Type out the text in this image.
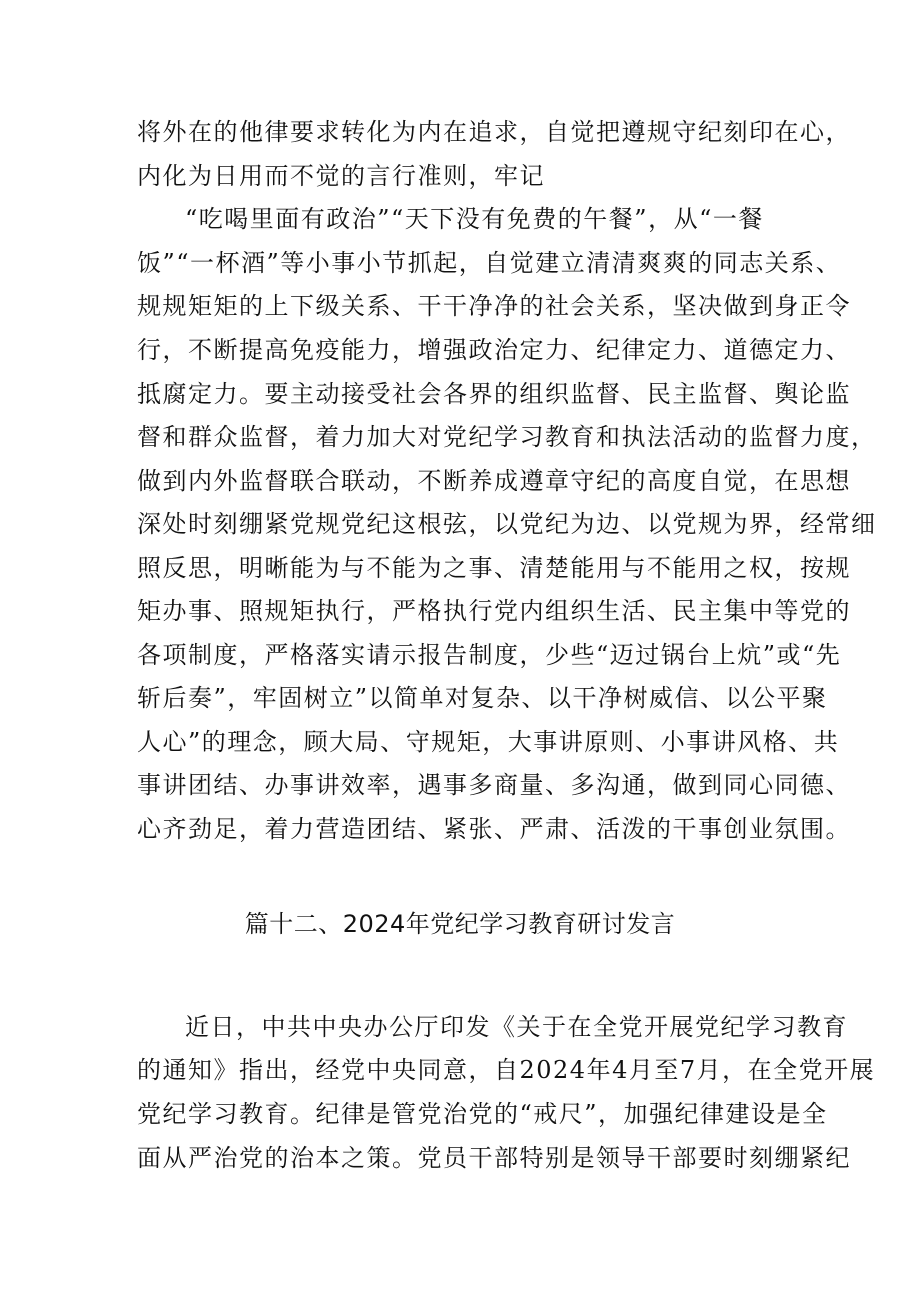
将外在的他律要求转化为内在追求，自觉把遵规守纪刻印在心，
内化为日用而不觉的言行准则，牢记
“吃喝里面有政治”“天下没有免费的午餐”，从“一餐
饭”“一杯酒”等小事小节抓起，自觉建立清清爽爽的同志关系、
规规矩矩的上下级关系、干干净净的社会关系，坚决做到身正令
行，不断提高免疫能力，增强政治定力、纪律定力、道德定力、
抵腐定力。要主动接受社会各界的组织监督、民主监督、舆论监
督和群众监督，着力加大对党纪学习教育和执法活动的监督力度，
做到内外监督联合联动，不断养成遵章守纪的高度自觉，在思想
深处时刻绷紧党规党纪这根弦，以党纪为边、以党规为界，经常细
照反思，明晰能为与不能为之事、清楚能用与不能用之权，按规
矩办事、照规矩执行，严格执行党内组织生活、民主集中等党的
各项制度，严格落实请示报告制度，少些“迈过锅台上炕”或“先
斩后奏”，牢固树立”以简单对复杂、以干净树威信、以公平聚
人心”的理念，顾大局、守规矩，大事讲原则、小事讲风格、共
事讲团结、办事讲效率，遇事多商量、多沟通，做到同心同德、
心齐劲足，着力营造团结、紧张、严肃、活泼的干事创业氛围。
篇十二、2024年党纪学习教育研讨发言
近日，中共中央办公厅印发《关于在全党开展党纪学习教育
的通知》指出，经党中央同意，自2024年4月至7月，在全党开展
党纪学习教育。纪律是管党治党的“戒尺”，加强纪律建设是全
面从严治党的治本之策。党员干部特别是领导干部要时刻绷紧纪
